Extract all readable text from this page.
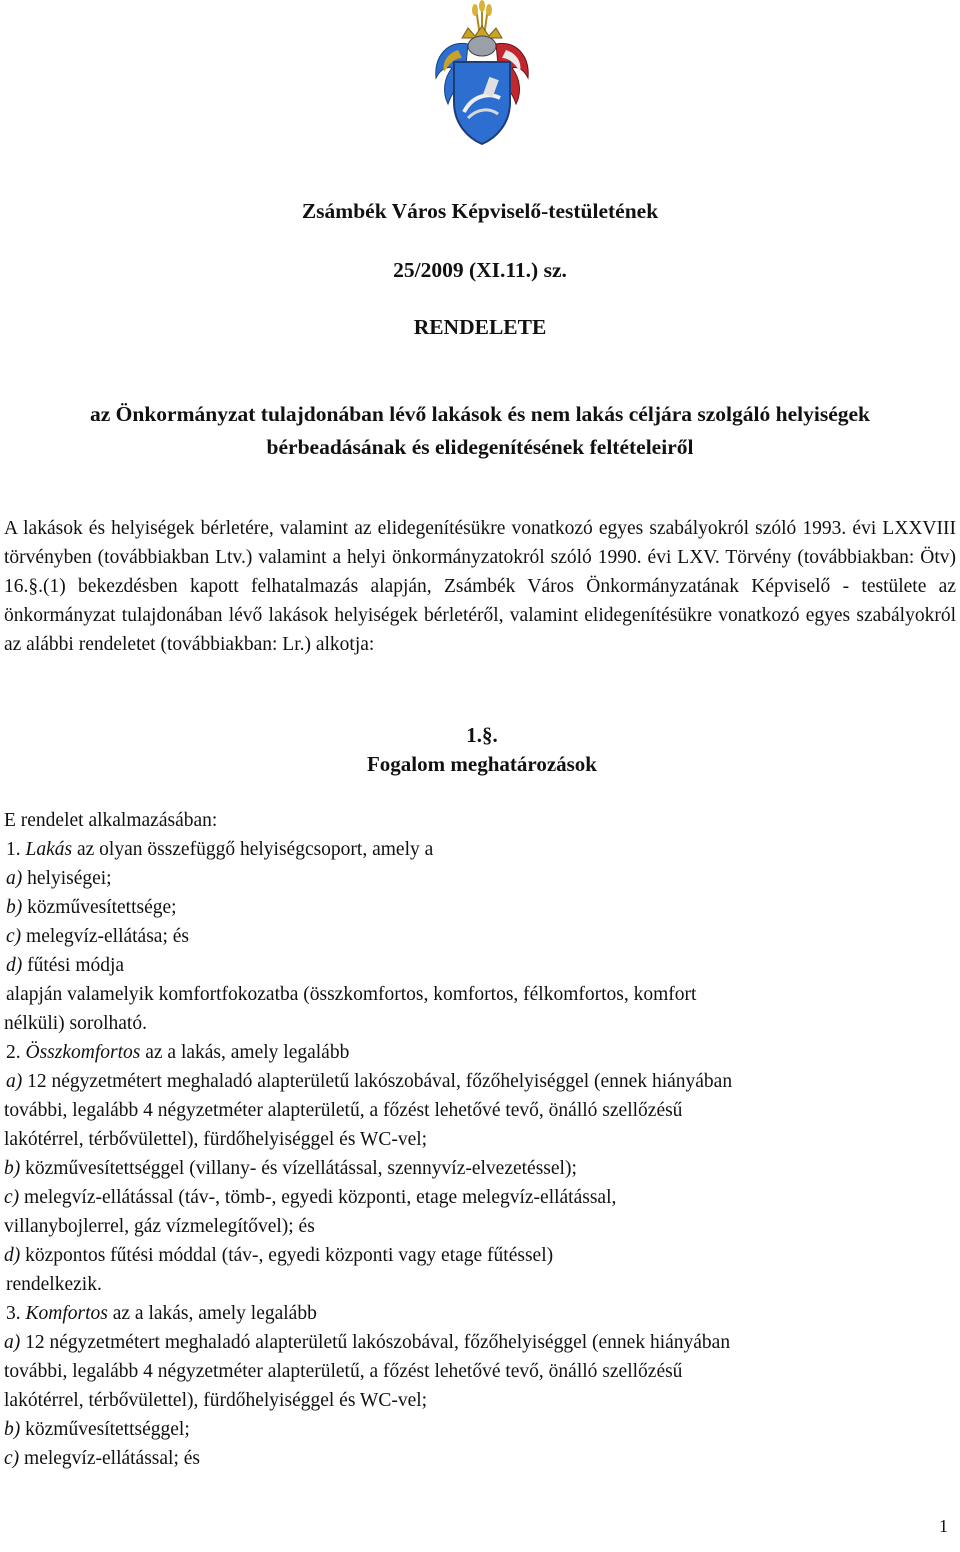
Zsámbék Város Képviselő-testületének
25/2009 (XI.11.) sz.
RENDELETE
az Önkormányzat tulajdonában lévő lakások és nem lakás céljára szolgáló helyiségek
bérbeadásának és elidegenítésének feltételeiről
A lakások és helyiségek bérletére, valamint az elidegenítésükre vonatkozó egyes szabályokról szóló 1993. évi LXXVIII törvényben (továbbiakban Ltv.) valamint a helyi önkormányzatokról szóló 1990. évi LXV. Törvény (továbbiakban: Ötv) 16.§.(1) bekezdésben kapott felhatalmazás alapján, Zsámbék Város Önkormányzatának Képviselő - testülete az önkormányzat tulajdonában lévő lakások helyiségek bérletéről, valamint elidegenítésükre vonatkozó egyes szabályokról az alábbi rendeletet (továbbiakban: Lr.) alkotja:
1.§.
Fogalom meghatározások
E rendelet alkalmazásában:
1. Lakás az olyan összefüggő helyiségcsoport, amely a
a) helyiségei;
b) közművesítettsége;
c) melegvíz-ellátása; és
d) fűtési módja
alapján valamelyik komfortfokozatba (összkomfortos, komfortos, félkomfortos, komfort
nélküli) sorolható.
2. Összkomfortos az a lakás, amely legalább
a) 12 négyzetmétert meghaladó alapterületű lakószobával, főzőhelyiséggel (ennek hiányában
további, legalább 4 négyzetméter alapterületű, a főzést lehetővé tevő, önálló szellőzésű
lakótérrel, térbővülettel), fürdőhelyiséggel és WC-vel;
b) közművesítettséggel (villany- és vízellátással, szennyvíz-elvezetéssel);
c) melegvíz-ellátással (táv-, tömb-, egyedi központi, etage melegvíz-ellátással,
villanybojlerrel, gáz vízmelegítővel); és
d) központos fűtési móddal (táv-, egyedi központi vagy etage fűtéssel)
rendelkezik.
3. Komfortos az a lakás, amely legalább
a) 12 négyzetmétert meghaladó alapterületű lakószobával, főzőhelyiséggel (ennek hiányában
további, legalább 4 négyzetméter alapterületű, a főzést lehetővé tevő, önálló szellőzésű
lakótérrel, térbővülettel), fürdőhelyiséggel és WC-vel;
b) közművesítettséggel;
c) melegvíz-ellátással; és
1
